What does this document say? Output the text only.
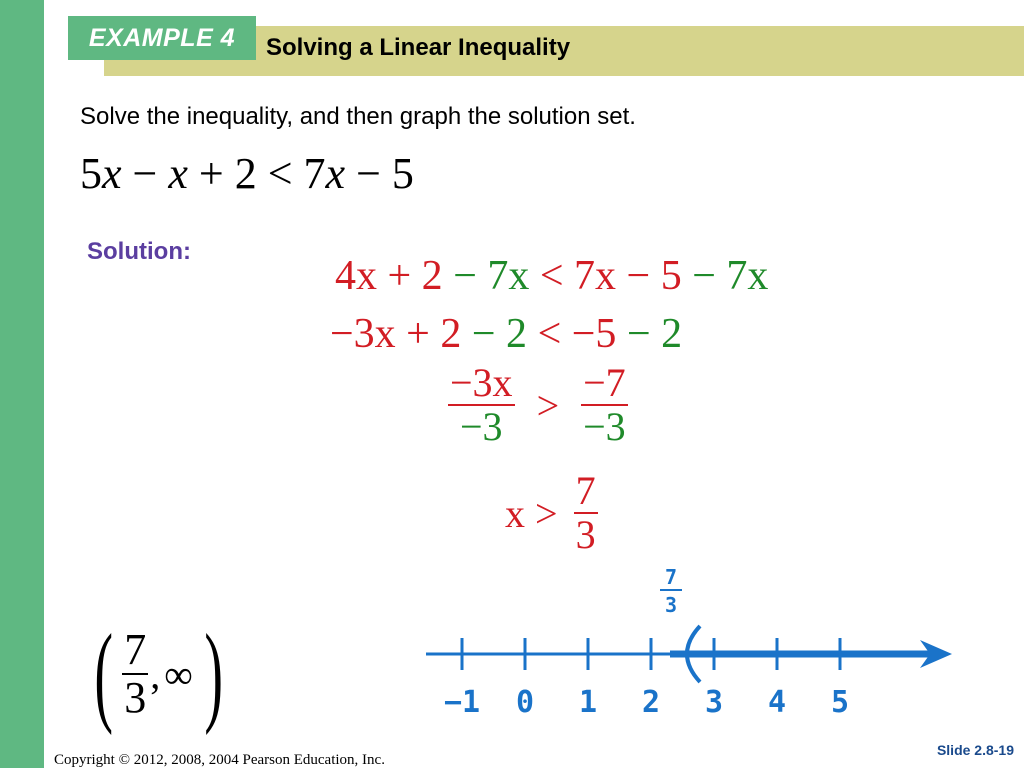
EXAMPLE 4	Solving a Linear Inequality
Solve the inequality, and then graph the solution set.
5x − x + 2 < 7x − 5
Solution:
4x + 2 − 7x < 7x − 5 − 7x
−3x + 2 − 2 < −5 − 2
$\frac{-3x}{-3} > \frac{-7}{-3}$
$x > \frac{7}{3}$
( $\frac{7}{3}$ , ∞ )
7
3
−1 0 1 2 3 4 5
Copyright © 2012, 2008, 2004 Pearson Education, Inc.
Slide 2.8-19
